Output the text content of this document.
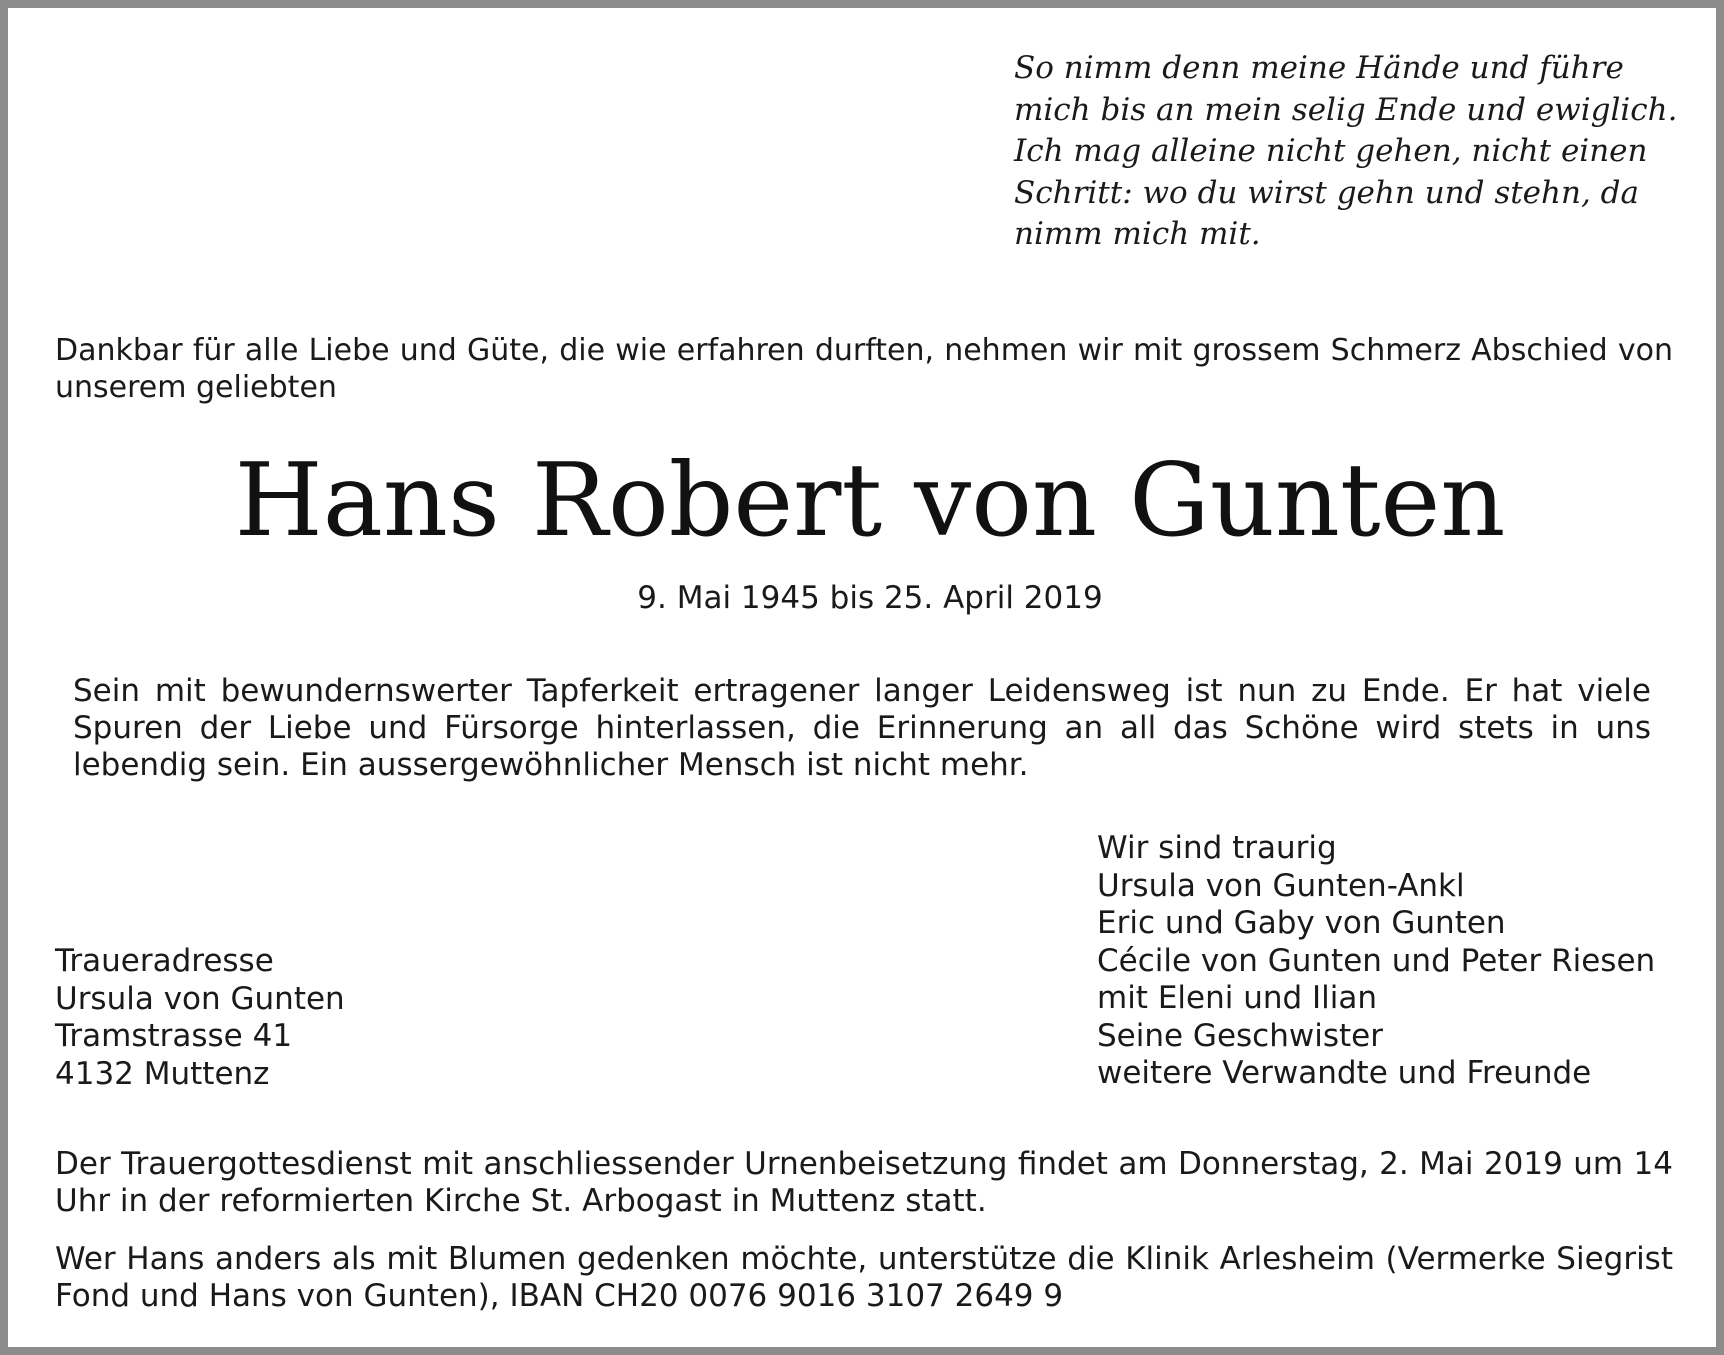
So nimm denn meine Hände und führe
mich bis an mein selig Ende und ewiglich.
Ich mag alleine nicht gehen, nicht einen
Schritt: wo du wirst gehn und stehn, da
nimm mich mit.

Dankbar für alle Liebe und Güte, die wie erfahren durften, nehmen wir mit grossem Schmerz Abschied von unserem geliebten

Hans Robert von Gunten

9. Mai 1945 bis 25. April 2019

Sein mit bewundernswerter Tapferkeit ertragener langer Leidensweg ist nun zu Ende. Er hat viele Spuren der Liebe und Fürsorge hinterlassen, die Erinnerung an all das Schöne wird stets in uns lebendig sein. Ein aussergewöhnlicher Mensch ist nicht mehr.

Wir sind traurig
Ursula von Gunten-Ankl
Eric und Gaby von Gunten
Cécile von Gunten und Peter Riesen
mit Eleni und Ilian
Seine Geschwister
weitere Verwandte und Freunde
Traueradresse
Ursula von Gunten
Tramstrasse 41
4132 Muttenz

Der Trauergottesdienst mit anschliessender Urnenbeisetzung findet am Donnerstag, 2. Mai 2019 um 14 Uhr in der reformierten Kirche St. Arbogast in Muttenz statt.

Wer Hans anders als mit Blumen gedenken möchte, unterstütze die Klinik Arlesheim (Vermerke Siegrist Fond und Hans von Gunten), IBAN CH20 0076 9016 3107 2649 9
